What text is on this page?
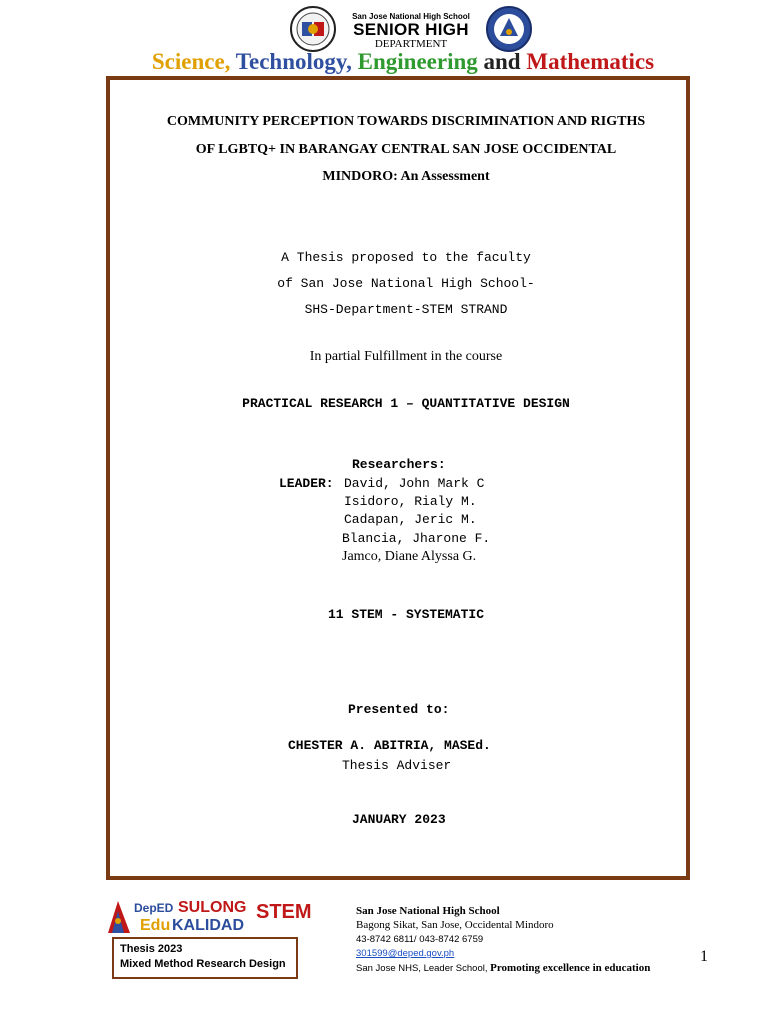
San Jose National High School
SENIOR HIGH
DEPARTMENT
Science, Technology, Engineering and Mathematics
COMMUNITY PERCEPTION TOWARDS DISCRIMINATION AND RIGTHS
OF LGBTQ+ IN BARANGAY CENTRAL SAN JOSE OCCIDENTAL
MINDORO: An Assessment
A Thesis proposed to the faculty
of San Jose National High School-
SHS-Department-STEM STRAND
In partial Fulfillment in the course
PRACTICAL RESEARCH 1 – QUANTITATIVE DESIGN
Researchers:
LEADER: David, John Mark C
Isidoro, Rialy M.
Cadapan, Jeric M.
Blancia, Jharone F.
Jamco, Diane Alyssa G.
11 STEM - SYSTEMATIC
Presented to:
CHESTER A. ABITRIA, MASEd.
Thesis Adviser
JANUARY 2023
DepED SULONG
Edu KALIDAD
STEM
Thesis 2023
Mixed Method Research Design
San Jose National High School
Bagong Sikat, San Jose, Occidental Mindoro
43-8742 6811/ 043-8742 6759
301599@deped.gov.ph
San Jose NHS, Leader School, Promoting excellence in education
1
